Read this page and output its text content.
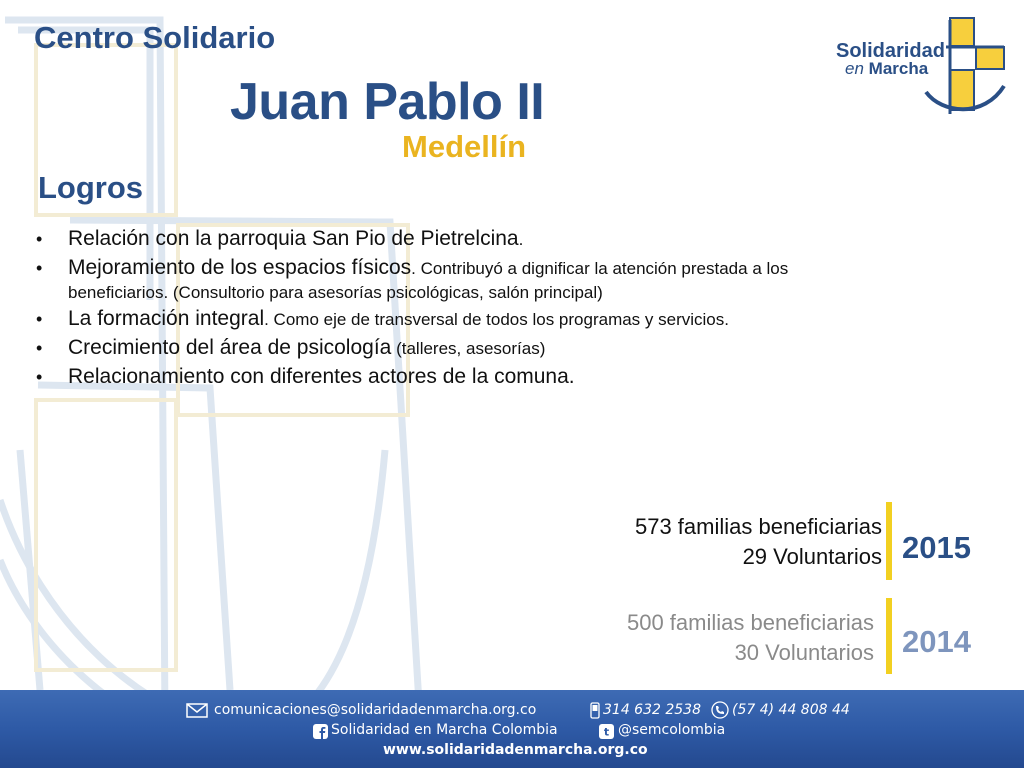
Centro Solidario
Juan Pablo II
Medellín
Logros
Solidaridad
en Marcha
• Relación con la parroquia San Pio de Pietrelcina.
• Mejoramiento de los espacios físicos. Contribuyó a dignificar la atención prestada a los
beneficiarios. (Consultorio para asesorías psicológicas, salón principal)
• La formación integral. Como eje de transversal de todos los programas y servicios.
• Crecimiento del área de psicología (talleres, asesorías)
• Relacionamiento con diferentes actores de la comuna.
573 familias beneficiarias
29 Voluntarios 2015
500 familias beneficiarias
30 Voluntarios 2014
comunicaciones@solidaridadenmarcha.org.co	314 632 2538 (57 4) 44 808 44
Solidaridad en Marcha Colombia	t @semcolombia
www.solidaridadenmarcha.org.co
